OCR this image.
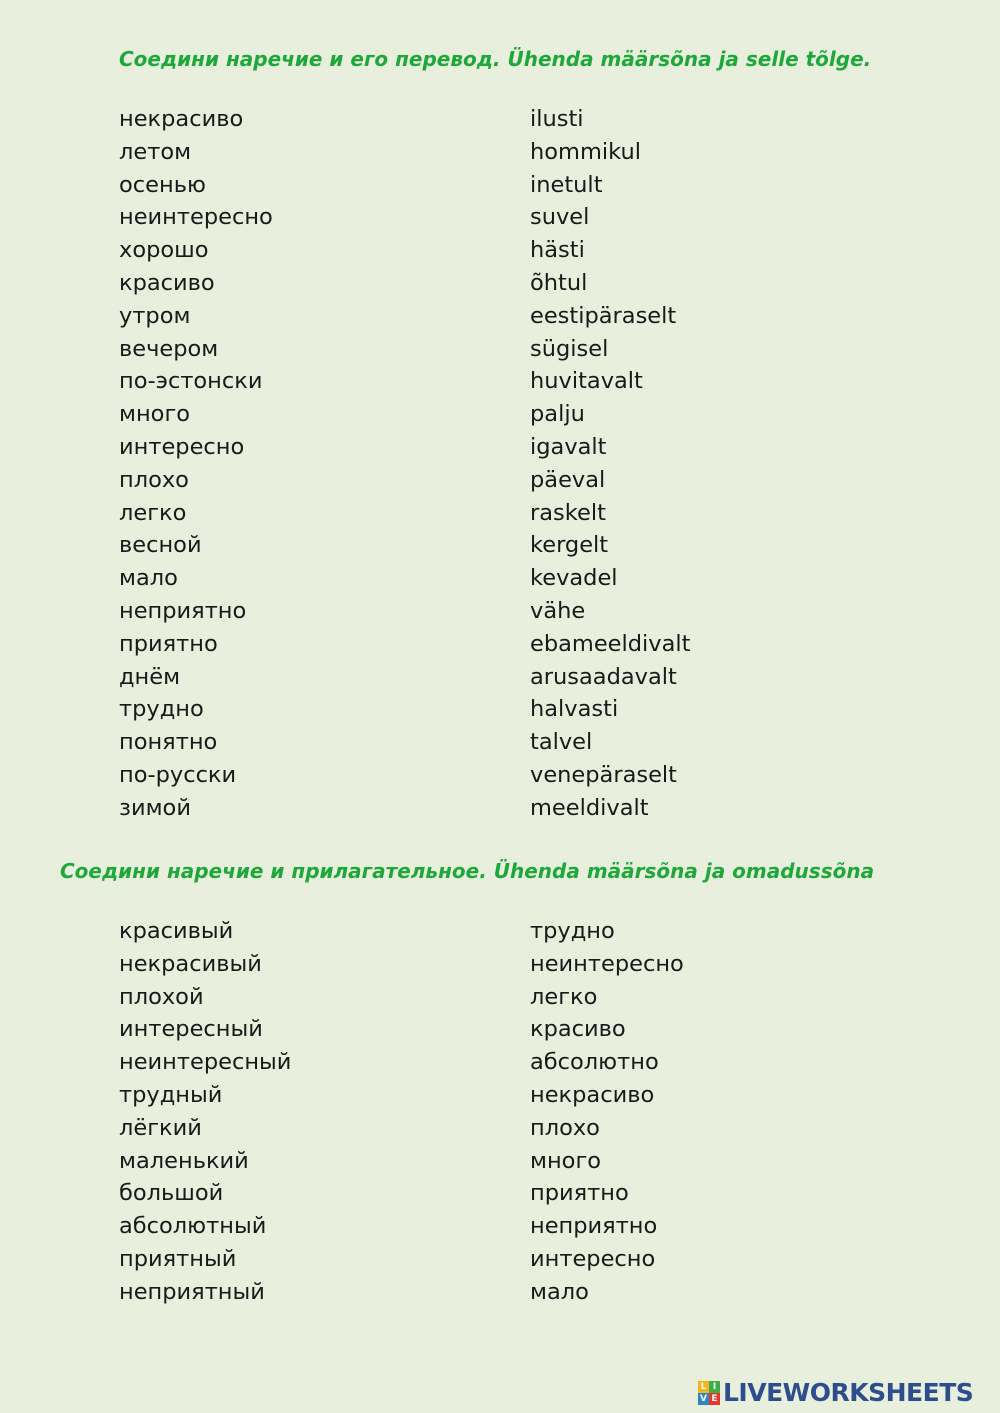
Соедини наречие и его перевод. Ühenda määrsõna ja selle tõlge.

некрасиво
летом
осенью
неинтересно
хорошо
красиво
утром
вечером
по-эстонски
много
интересно
плохо
легко
весной
мало
неприятно
приятно
днём
трудно
понятно
по-русски
зимой
ilusti
hommikul
inetult
suvel
hästi
õhtul
eestipäraselt
sügisel
huvitavalt
palju
igavalt
päeval
raskelt
kergelt
kevadel
vähe
ebameeldivalt
arusaadavalt
halvasti
talvel
venepäraselt
meeldivalt

Соедини наречие и прилагательное. Ühenda määrsõna ja omadussõna

красивый
некрасивый
плохой
интересный
неинтересный
трудный
лёгкий
маленький
большой
абсолютный
приятный
неприятный
трудно
неинтересно
легко
красиво
абсолютно
некрасиво
плохо
много
приятно
неприятно
интересно
мало
L I
V E LIVEWORKSHEETS
